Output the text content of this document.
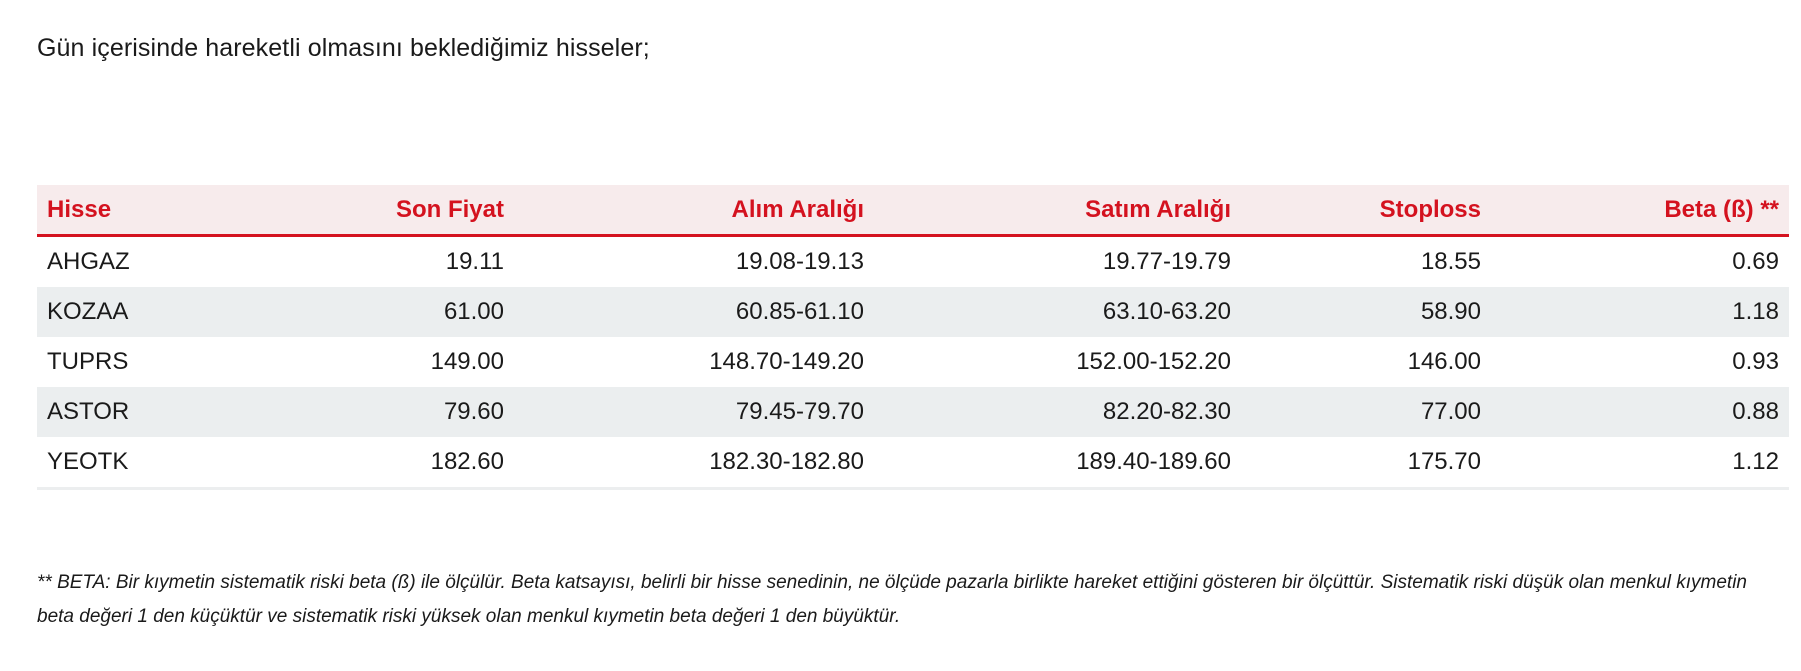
Gün içerisinde hareketli olmasını beklediğimiz hisseler;
Hisse	Son Fiyat	Alım Aralığı	Satım Aralığı	Stoploss	Beta (ß) **
AHGAZ	19.11	19.08-19.13	19.77-19.79	18.55	0.69
KOZAA	61.00	60.85-61.10	63.10-63.20	58.90	1.18
TUPRS	149.00	148.70-149.20	152.00-152.20	146.00	0.93
ASTOR	79.60	79.45-79.70	82.20-82.30	77.00	0.88
YEOTK	182.60	182.30-182.80	189.40-189.60	175.70	1.12
** BETA: Bir kıymetin sistematik riski beta (ß) ile ölçülür. Beta katsayısı, belirli bir hisse senedinin, ne ölçüde pazarla birlikte hareket ettiğini gösteren bir ölçüttür. Sistematik riski düşük olan menkul kıymetin beta değeri 1 den küçüktür ve sistematik riski yüksek olan menkul kıymetin beta değeri 1 den büyüktür.
